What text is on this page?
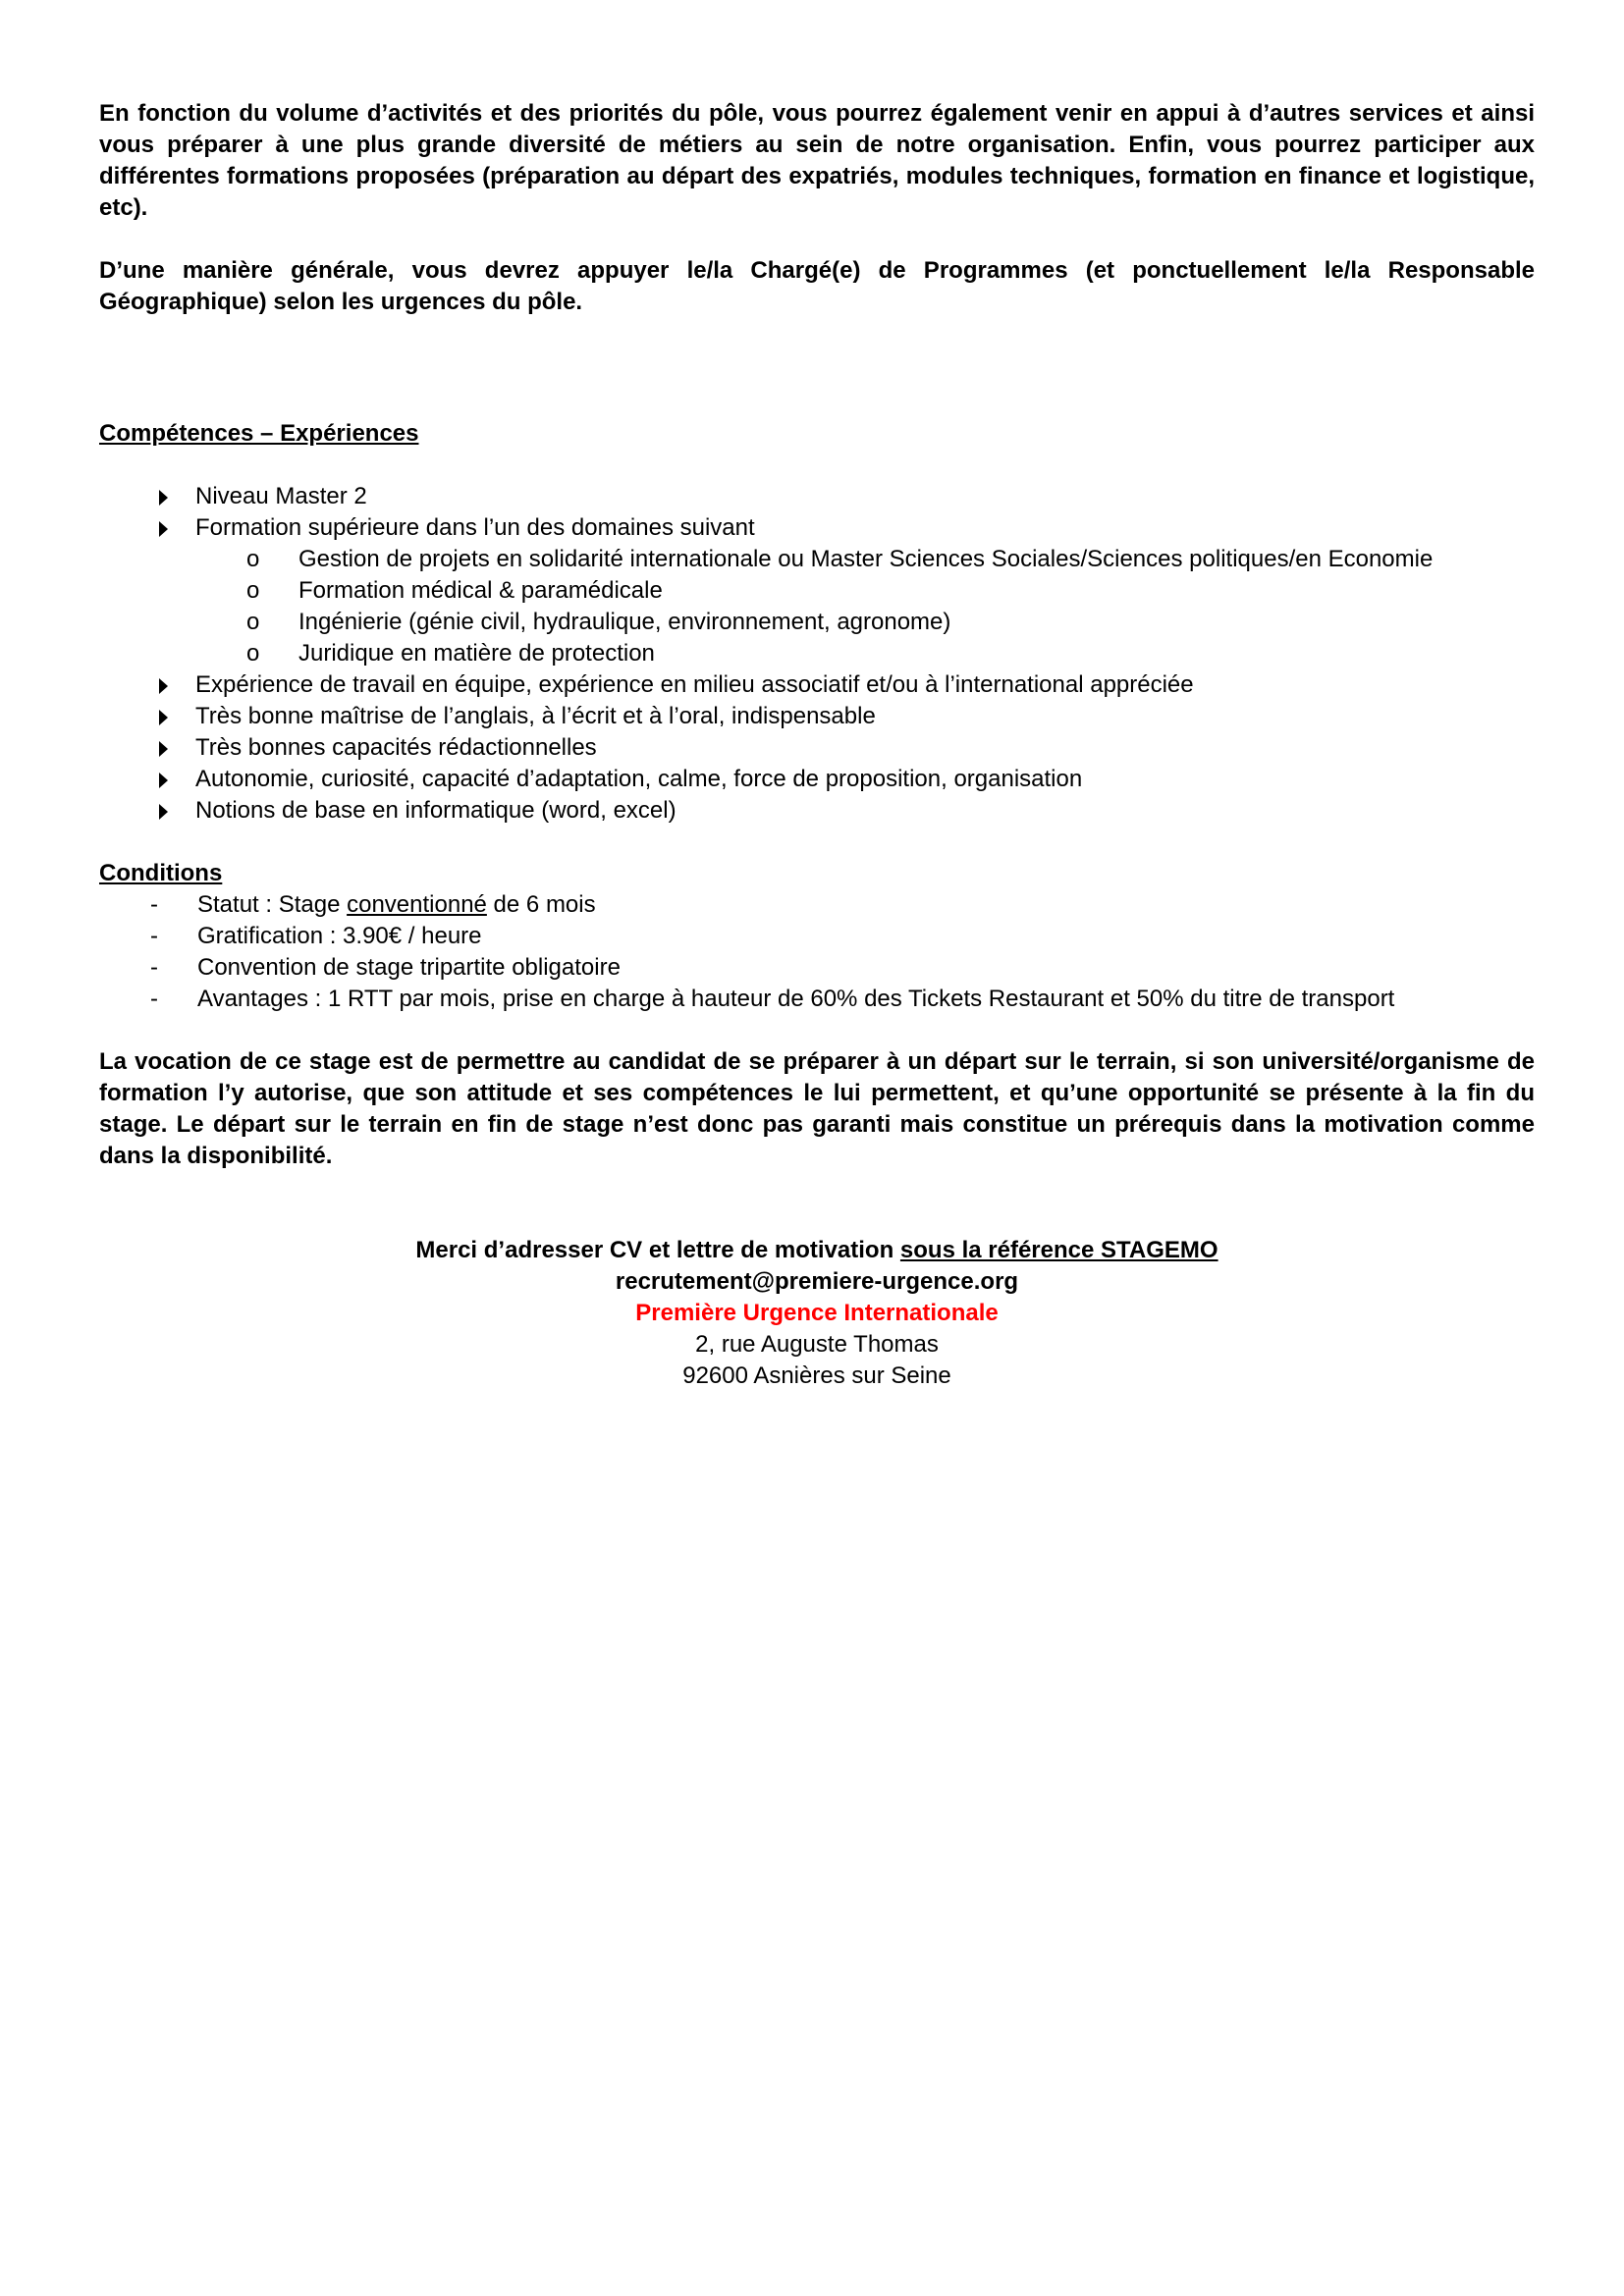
En fonction du volume d’activités et des priorités du pôle, vous pourrez également venir en appui à d’autres services et ainsi vous préparer à une plus grande diversité de métiers au sein de notre organisation. Enfin, vous pourrez participer aux différentes formations proposées (préparation au départ des expatriés, modules techniques, formation en finance et logistique, etc).

D’une manière générale, vous devrez appuyer le/la Chargé(e) de Programmes (et ponctuellement le/la Responsable Géographique) selon les urgences du pôle.

Compétences – Expériences

Niveau Master 2
Formation supérieure dans l’un des domaines suivant
o Gestion de projets en solidarité internationale ou Master Sciences Sociales/Sciences politiques/en Economie
o Formation médical & paramédicale
o Ingénierie (génie civil, hydraulique, environnement, agronome)
o Juridique en matière de protection
Expérience de travail en équipe, expérience en milieu associatif et/ou à l’international appréciée
Très bonne maîtrise de l’anglais, à l’écrit et à l’oral, indispensable
Très bonnes capacités rédactionnelles
Autonomie, curiosité, capacité d’adaptation, calme, force de proposition, organisation
Notions de base en informatique (word, excel)

Conditions

- Statut : Stage conventionné de 6 mois
- Gratification : 3.90€ / heure
- Convention de stage tripartite obligatoire
- Avantages : 1 RTT par mois, prise en charge à hauteur de 60% des Tickets Restaurant et 50% du titre de transport

La vocation de ce stage est de permettre au candidat de se préparer à un départ sur le terrain, si son université/organisme de formation l’y autorise, que son attitude et ses compétences le lui permettent, et qu’une opportunité se présente à la fin du stage. Le départ sur le terrain en fin de stage n’est donc pas garanti mais constitue un prérequis dans la motivation comme dans la disponibilité.

Merci d’adresser CV et lettre de motivation sous la référence STAGEMO
recrutement@premiere-urgence.org
Première Urgence Internationale
2, rue Auguste Thomas
92600 Asnières sur Seine
